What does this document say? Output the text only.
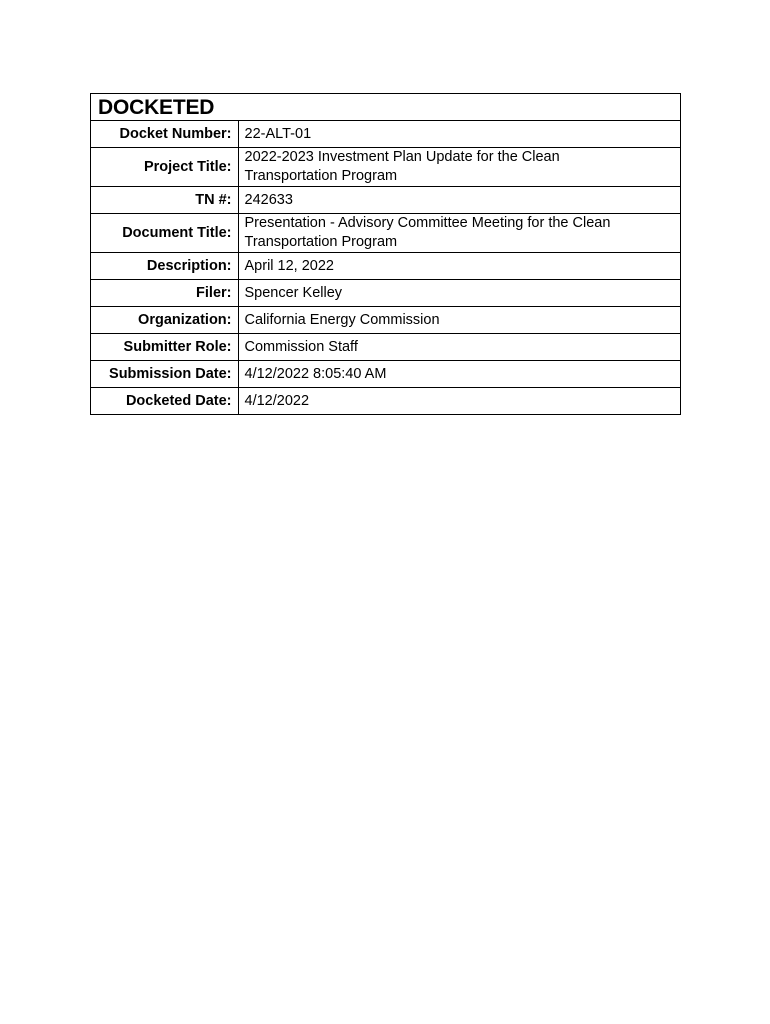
DOCKETED
Docket Number:	22-ALT-01
Project Title:	2022-2023 Investment Plan Update for the Clean Transportation Program
TN #:	242633
Document Title:	Presentation - Advisory Committee Meeting for the Clean Transportation Program
Description:	April 12, 2022
Filer:	Spencer Kelley
Organization:	California Energy Commission
Submitter Role:	Commission Staff
Submission Date:	4/12/2022 8:05:40 AM
Docketed Date:	4/12/2022
